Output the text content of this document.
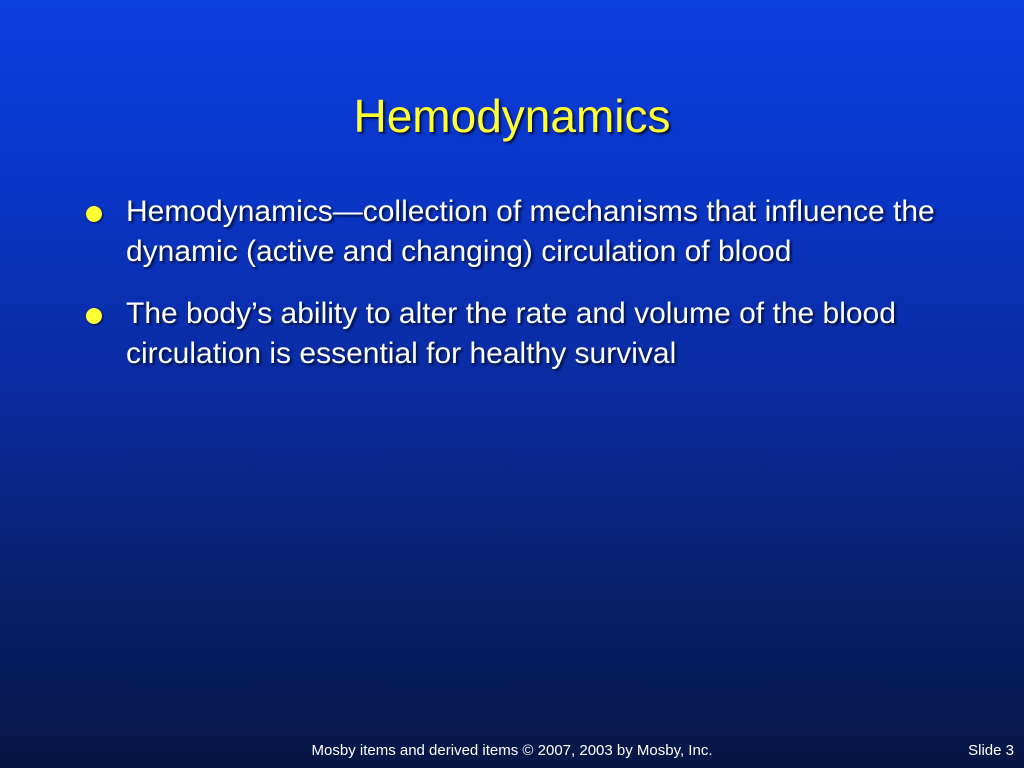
Hemodynamics
Hemodynamics—collection of mechanisms that influence the dynamic (active and changing) circulation of blood
The body’s ability to alter the rate and volume of the blood circulation is essential for healthy survival
Mosby items and derived items © 2007, 2003 by Mosby, Inc.	Slide 3
